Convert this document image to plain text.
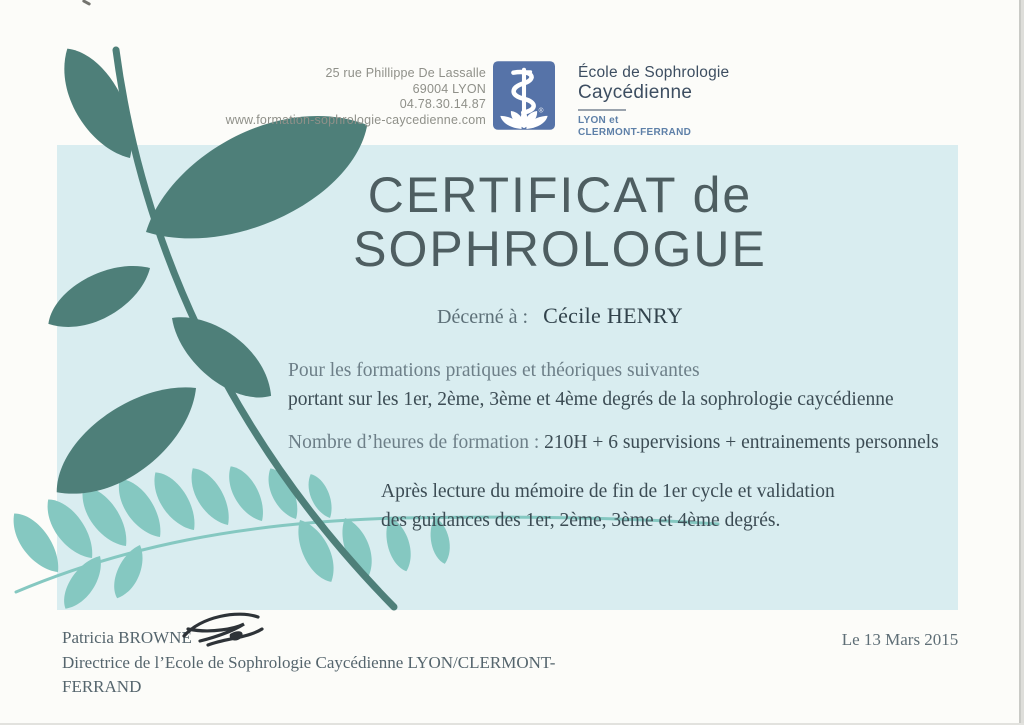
25 rue Phillippe De Lassalle
69004 LYON
04.78.30.14.87
www.formation-sophrologie-caycedienne.com
®
École de Sophrologie
Caycédienne
LYON et
CLERMONT-FERRAND
CERTIFICAT de
SOPHROLOGUE
Décerné à : Cécile HENRY
Pour les formations pratiques et théoriques suivantes
portant sur les 1er, 2ème, 3ème et 4ème degrés de la sophrologie caycédienne
Nombre d’heures de formation : 210H + 6 supervisions + entrainements personnels
Après lecture du mémoire de fin de 1er cycle et validation
des guidances des 1er, 2ème, 3ème et 4ème degrés.
Patricia BROWNE
Directrice de l’Ecole de Sophrologie Caycédienne LYON/CLERMONT-
FERRAND
Le 13 Mars 2015
